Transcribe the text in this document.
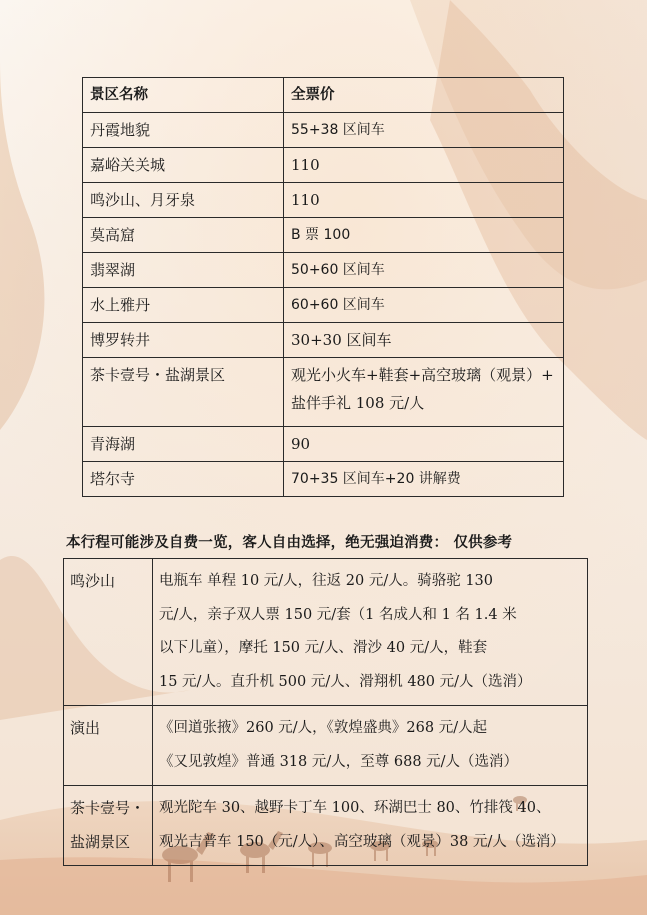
景区名称	全票价
丹霞地貌	55+38 区间车
嘉峪关关城	110
鸣沙山、月牙泉	110
莫高窟	B 票 100
翡翠湖	50+60 区间车
水上雅丹	60+60 区间车
博罗转井	30+30 区间车
茶卡壹号・盐湖景区	观光小火车+鞋套+高空玻璃（观景）+
盐伴手礼 108 元/人

青海湖	90
塔尔寺	70+35 区间车+20 讲解费
本行程可能涉及自费一览，客人自由选择，绝无强迫消费： 仅供参考
鸣沙山	电瓶车 单程 10 元/人，往返 20 元/人。骑骆驼 130
元/人，亲子双人票 150 元/套（1 名成人和 1 名 1.4 米
以下儿童），摩托 150 元/人、滑沙 40 元/人，鞋套
15 元/人。直升机 500 元/人、滑翔机 480 元/人（选消）

演出	《回道张掖》260 元/人，《敦煌盛典》268 元/人起
《又见敦煌》普通 318 元/人，至尊 688 元/人（选消）

茶卡壹号・
盐湖景区	观光陀车 30、越野卡丁车 100、环湖巴士 80、竹排筏 40、
观光吉普车 150（元/人）、高空玻璃（观景）38 元/人（选消）
